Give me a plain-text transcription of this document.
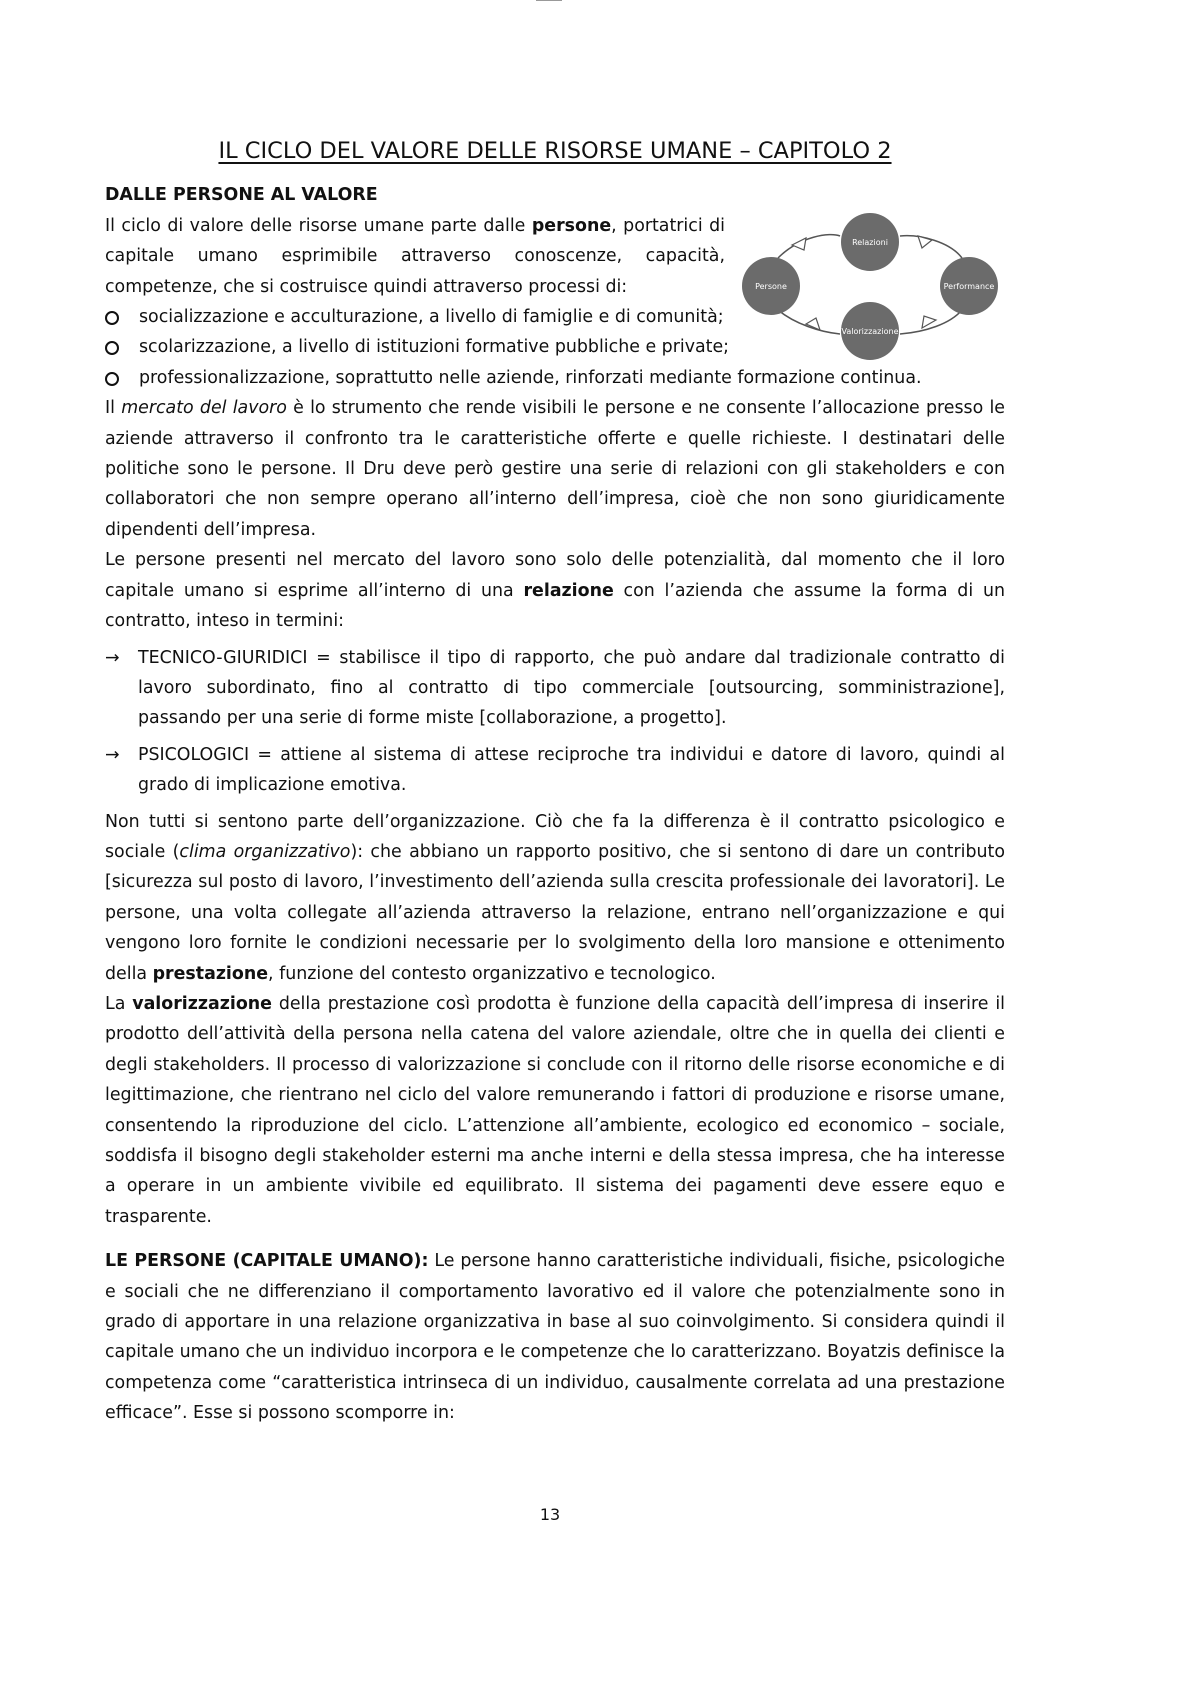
Relazioni
Persone	Performance
Valorizzazione
IL CICLO DEL VALORE DELLE RISORSE UMANE – CAPITOLO 2
DALLE PERSONE AL VALORE

Il ciclo di valore delle risorse umane parte dalle persone, portatrici di capitale umano esprimibile attraverso conoscenze, capacità, competenze, che si costruisce quindi attraverso processi di:

socializzazione e acculturazione, a livello di famiglie e di comunità;
scolarizzazione, a livello di istituzioni formative pubbliche e private;
professionalizzazione, soprattutto nelle aziende, rinforzati mediante formazione continua.

Il mercato del lavoro è lo strumento che rende visibili le persone e ne consente l’allocazione presso le aziende attraverso il confronto tra le caratteristiche offerte e quelle richieste. I destinatari delle politiche sono le persone. Il Dru deve però gestire una serie di relazioni con gli stakeholders e con collaboratori che non sempre operano all’interno dell’impresa, cioè che non sono giuridicamente dipendenti dell’impresa.

Le persone presenti nel mercato del lavoro sono solo delle potenzialità, dal momento che il loro capitale umano si esprime all’interno di una relazione con l’azienda che assume la forma di un contratto, inteso in termini:

→ TECNICO-GIURIDICI = stabilisce il tipo di rapporto, che può andare dal tradizionale contratto di lavoro subordinato, fino al contratto di tipo commerciale [outsourcing, somministrazione], passando per una serie di forme miste [collaborazione, a progetto].
→ PSICOLOGICI = attiene al sistema di attese reciproche tra individui e datore di lavoro, quindi al grado di implicazione emotiva.

Non tutti si sentono parte dell’organizzazione. Ciò che fa la differenza è il contratto psicologico e sociale (clima organizzativo): che abbiano un rapporto positivo, che si sentono di dare un contributo [sicurezza sul posto di lavoro, l’investimento dell’azienda sulla crescita professionale dei lavoratori]. Le persone, una volta collegate all’azienda attraverso la relazione, entrano nell’organizzazione e qui vengono loro fornite le condizioni necessarie per lo svolgimento della loro mansione e ottenimento della prestazione, funzione del contesto organizzativo e tecnologico.

La valorizzazione della prestazione così prodotta è funzione della capacità dell’impresa di inserire il prodotto dell’attività della persona nella catena del valore aziendale, oltre che in quella dei clienti e degli stakeholders. Il processo di valorizzazione si conclude con il ritorno delle risorse economiche e di legittimazione, che rientrano nel ciclo del valore remunerando i fattori di produzione e risorse umane, consentendo la riproduzione del ciclo. L’attenzione all’ambiente, ecologico ed economico – sociale, soddisfa il bisogno degli stakeholder esterni ma anche interni e della stessa impresa, che ha interesse a operare in un ambiente vivibile ed equilibrato. Il sistema dei pagamenti deve essere equo e trasparente.

LE PERSONE (CAPITALE UMANO): Le persone hanno caratteristiche individuali, fisiche, psicologiche e sociali che ne differenziano il comportamento lavorativo ed il valore che potenzialmente sono in grado di apportare in una relazione organizzativa in base al suo coinvolgimento. Si considera quindi il capitale umano che un individuo incorpora e le competenze che lo caratterizzano. Boyatzis definisce la competenza come “caratteristica intrinseca di un individuo, causalmente correlata ad una prestazione efficace”. Esse si possono scomporre in:

13
